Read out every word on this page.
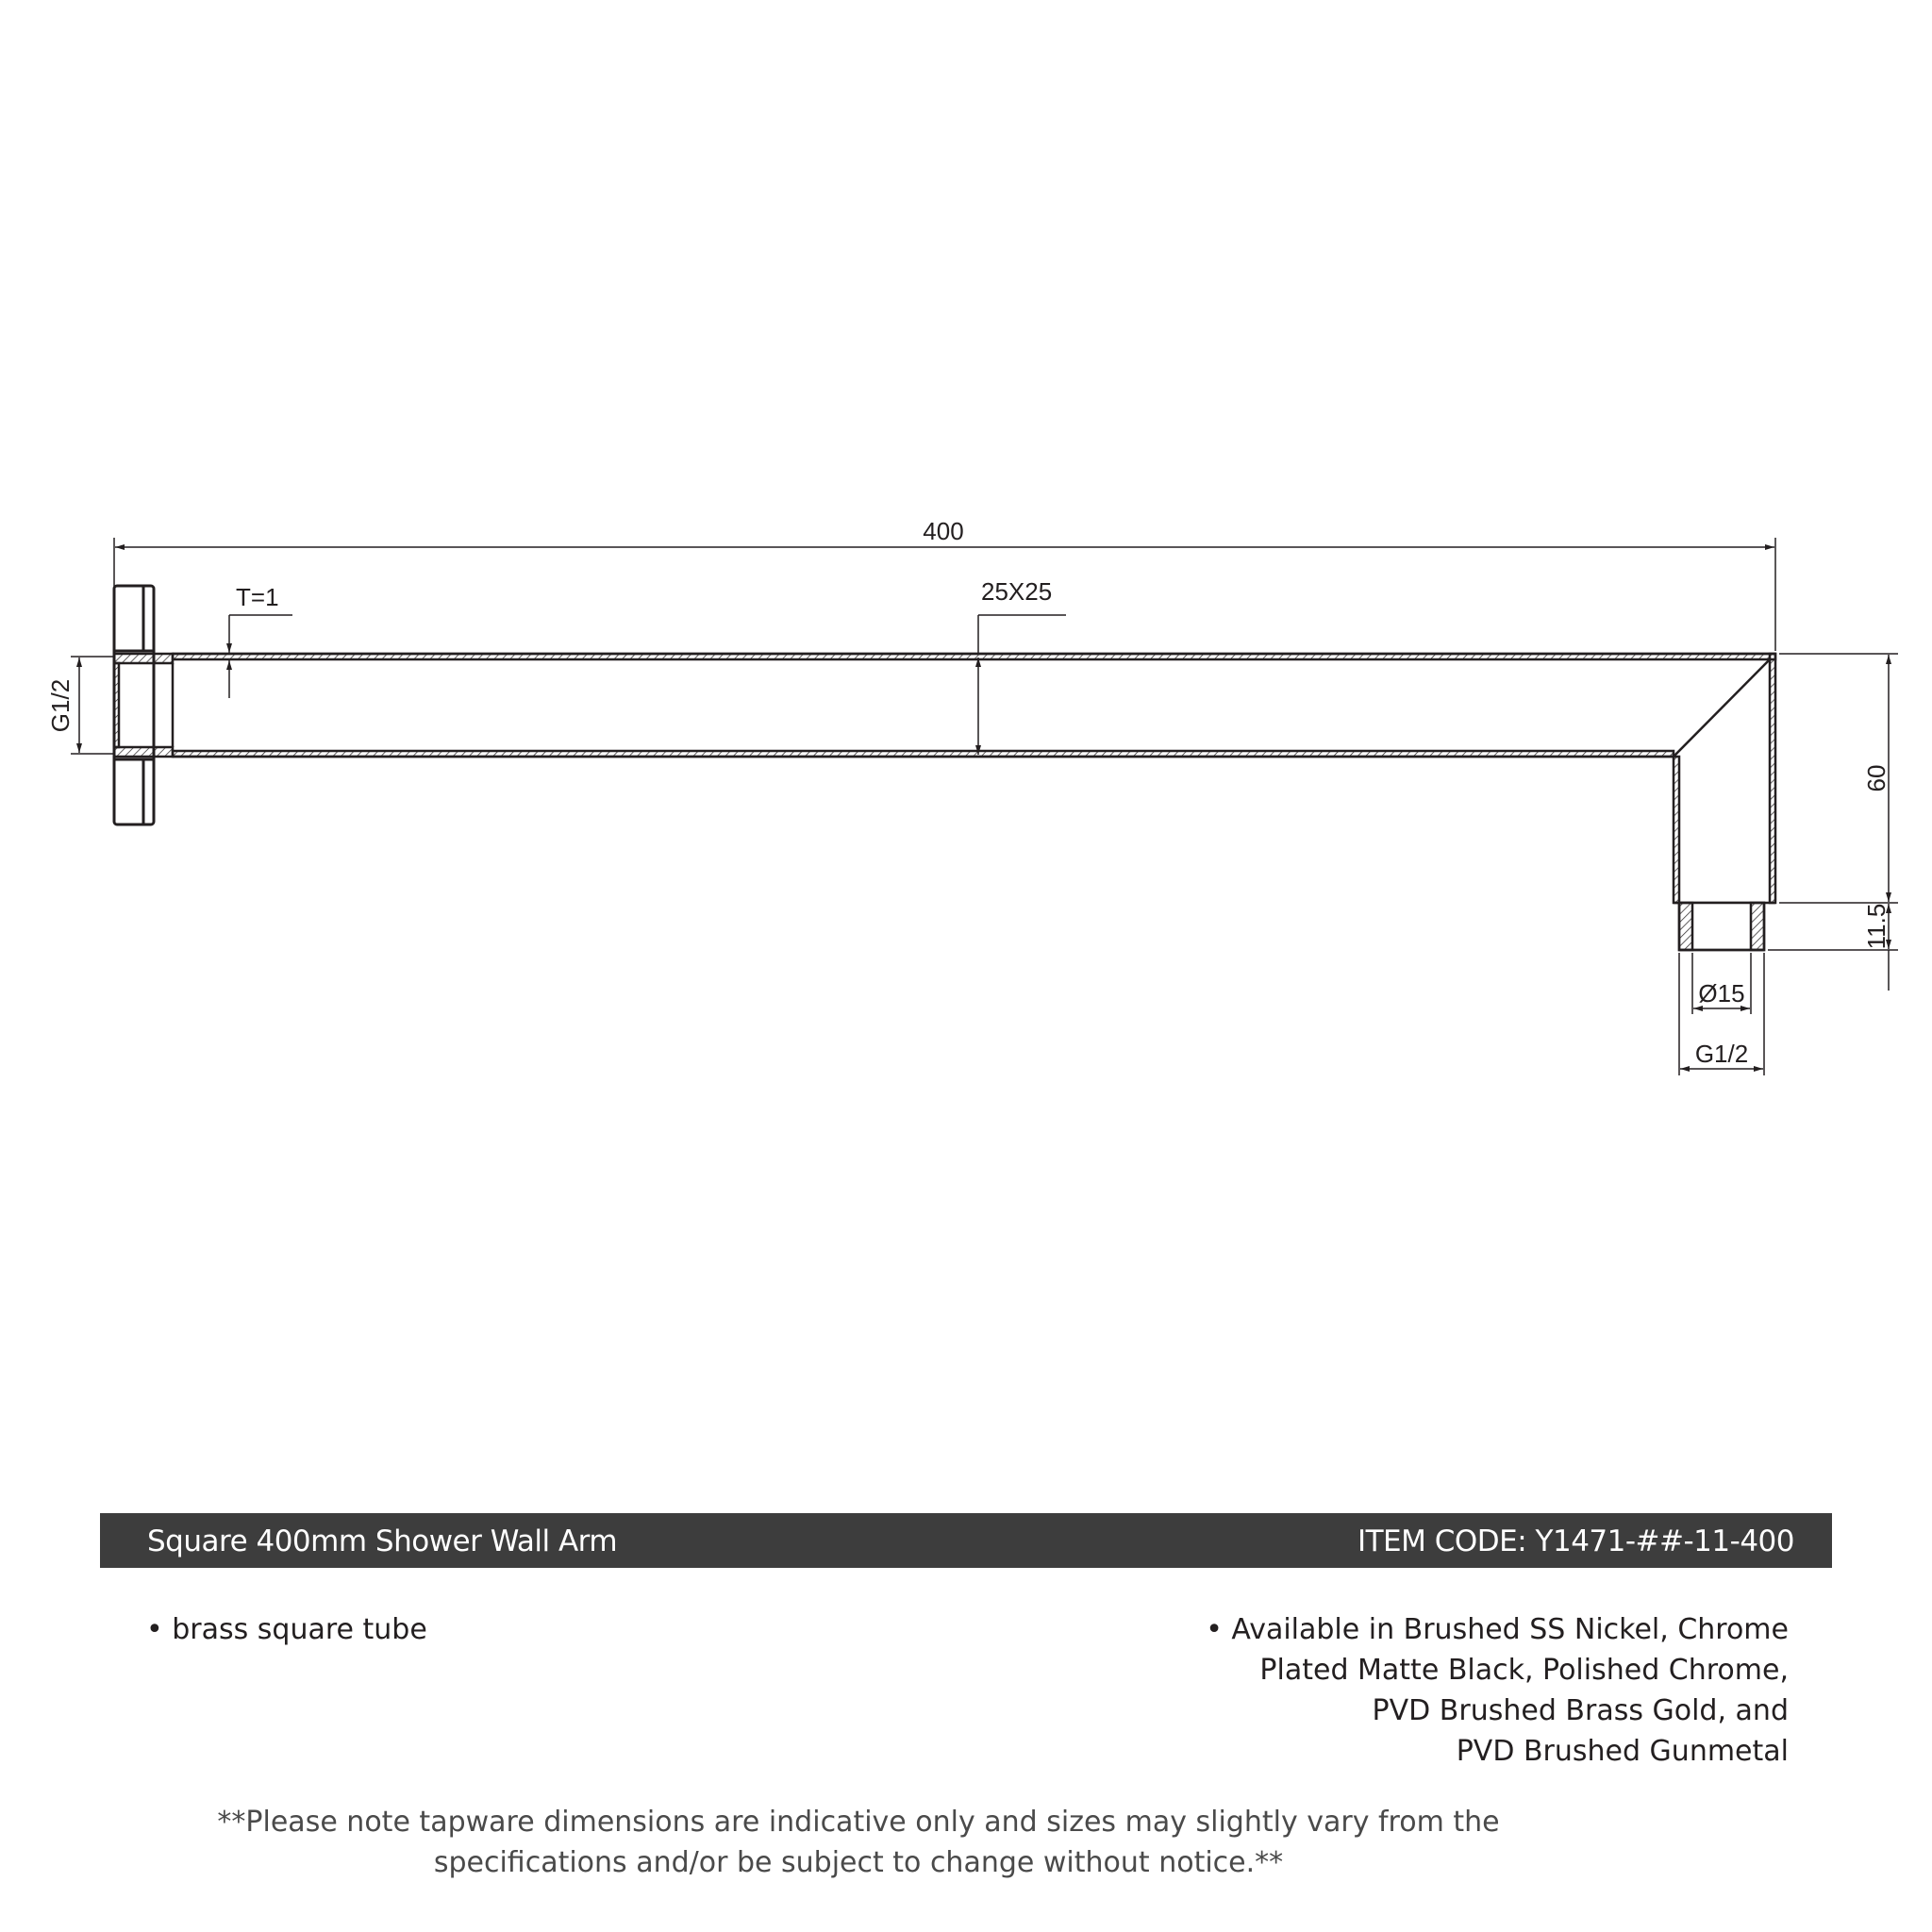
400
25X25
T=1
G1/2
60
11.5
Ø15
G1/2
Square 400mm Shower Wall Arm	ITEM CODE: Y1471-##-11-400
• brass square tube	• Available in Brushed SS Nickel, Chrome
Plated Matte Black, Polished Chrome,
PVD Brushed Brass Gold, and
PVD Brushed Gunmetal
**Please note tapware dimensions are indicative only and sizes may slightly vary from the
specifications and/or be subject to change without notice.**
